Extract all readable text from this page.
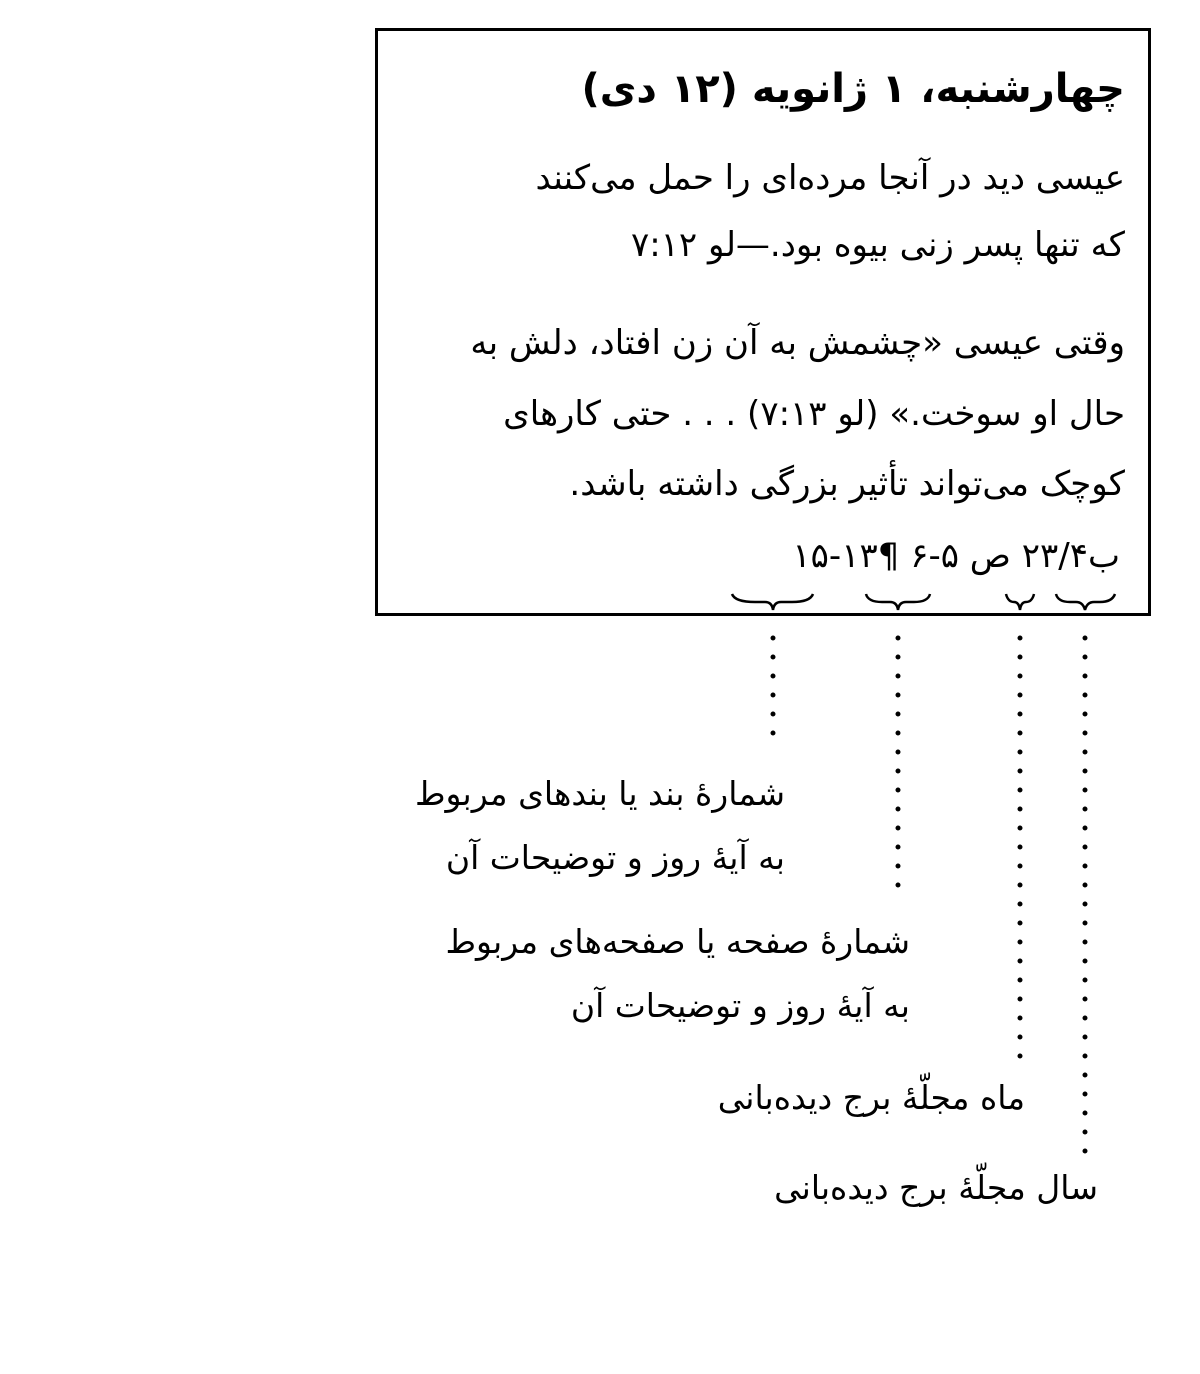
چهارشنبه، ۱ ژانویه (۱۲ دی)
عیسی دید در آنجا مرده‌ای را حمل می‌کنند
که تنها پسر زنی بیوه بود.—لو ۷:۱۲
وقتی عیسی «چشمش به آن زن افتاد، دلش به
حال او سوخت.» (لو ۷:۱۳) . . . حتی کارهای
کوچک می‌تواند تأثیر بزرگی داشته باشد.
ب۲۳/۴ ص ۵-۶ ¶۱۳-۱۵
شمارهٔ بند یا بندهای مربوط
به آیهٔ روز و توضیحات آن
شمارهٔ صفحه یا صفحه‌های مربوط
به آیهٔ روز و توضیحات آن
ماه مجلّهٔ برج دیده‌بانی
سال مجلّهٔ برج دیده‌بانی
